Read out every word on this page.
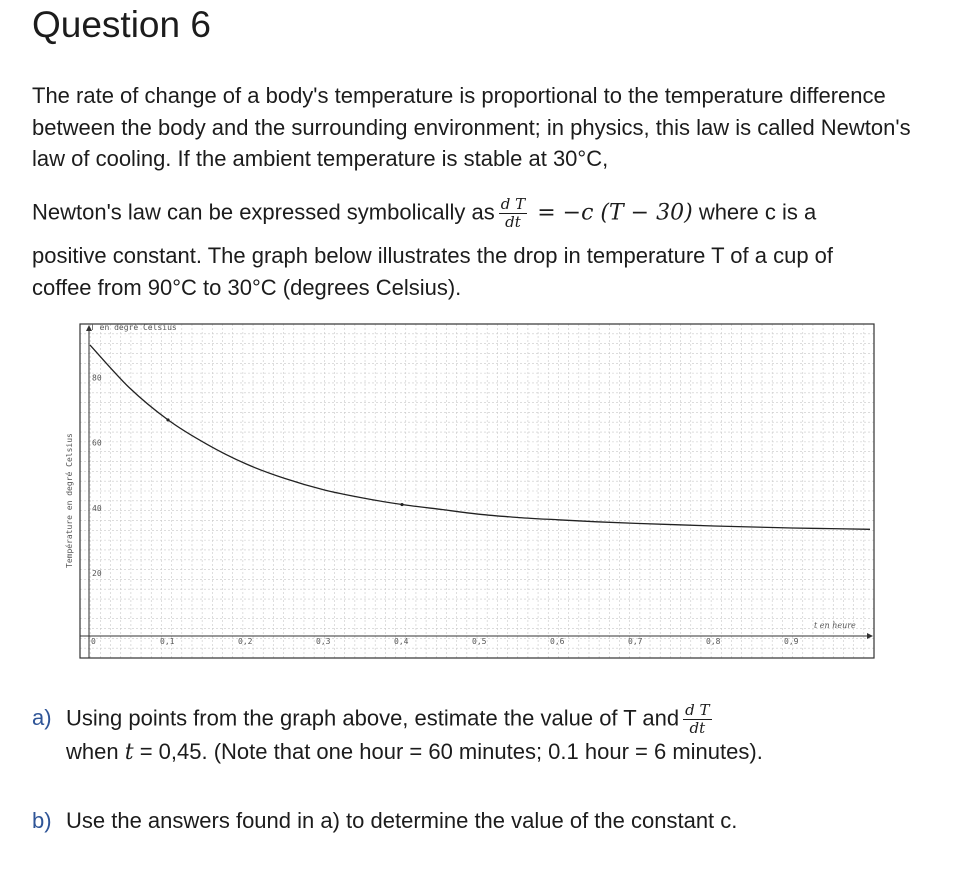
Question 6

The rate of change of a body's temperature is proportional to the temperature difference between the body and the surrounding environment; in physics, this law is called Newton's law of cooling. If the ambient temperature is stable at 30°C,

Newton's law can be expressed symbolically as $\frac{\text{d T}}{dt} = -c$ (T − 30) where c is a
positive constant. The graph below illustrates the drop in temperature T of a cup of
coffee from 90°C to 30°C (degrees Celsius).
0	0,1	0,2	0,3	0,4	0,5	0,6	0,7	0,8	0,9
20
40
60
80
T en degré Celsius
Température en degré Celsius
t en heure
a) Using points from the graph above, estimate the value of T and $\frac{\text{d T}}{dt}$
when t = 0,45. (Note that one hour = 60 minutes; 0.1 hour = 6 minutes).
b) Use the answers found in a) to determine the value of the constant c.
